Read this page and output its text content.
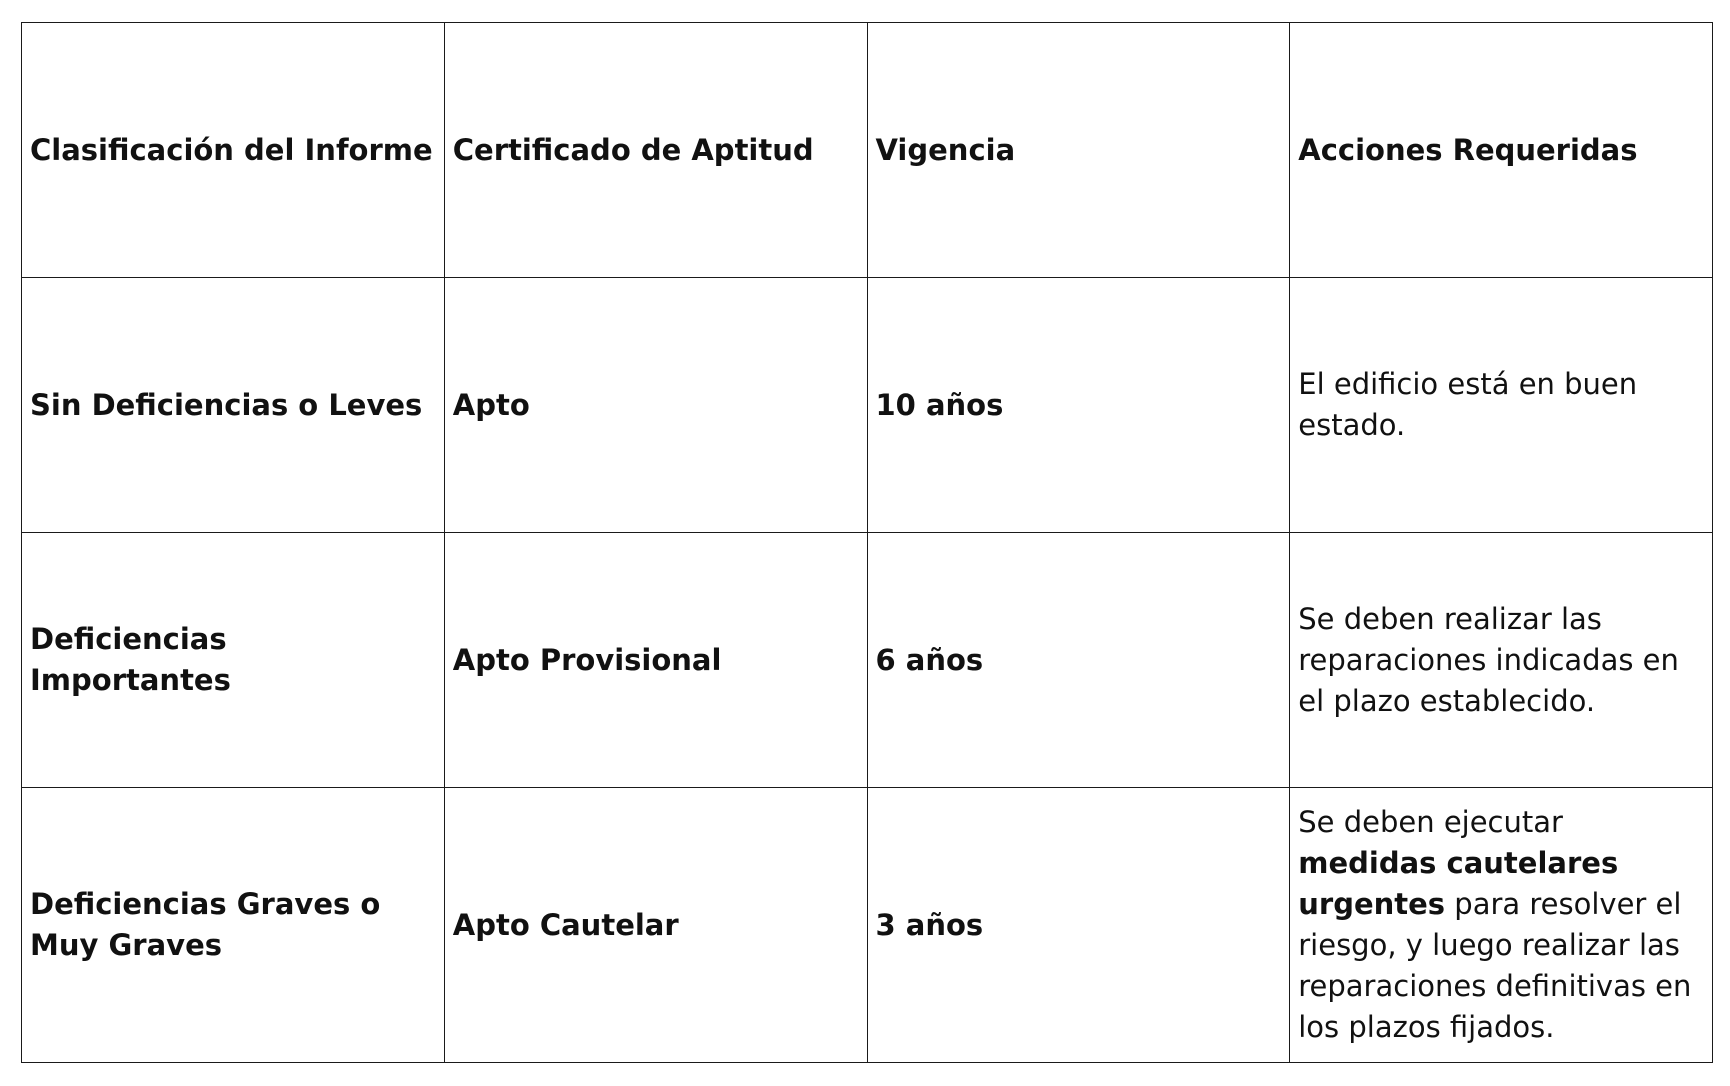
Clasificación del Informe	Certificado de Aptitud	Vigencia	Acciones Requeridas
Sin Deficiencias o Leves	Apto	10 años	El edificio está en buen estado.
Deficiencias Importantes	Apto Provisional	6 años	Se deben realizar las reparaciones indicadas en el plazo establecido.
Deficiencias Graves o Muy Graves	Apto Cautelar	3 años	Se deben ejecutar medidas cautelares urgentes para resolver el riesgo, y luego realizar las reparaciones definitivas en los plazos fijados.
